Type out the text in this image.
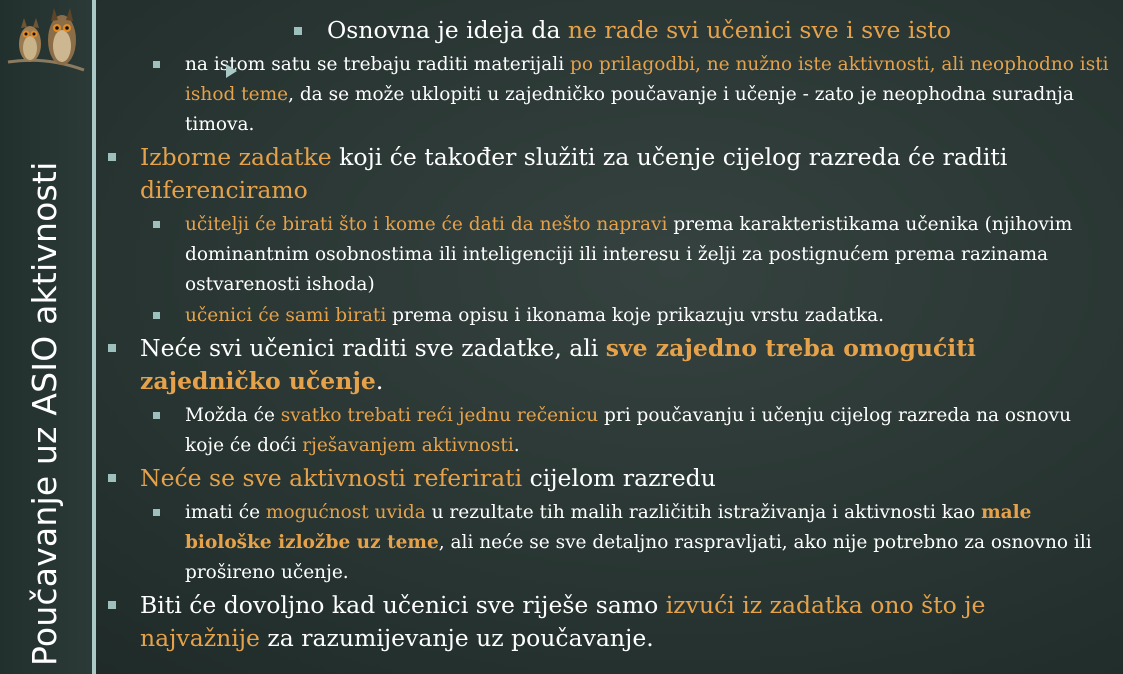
Poučavanje uz ASIO aktivnosti
Osnovna je ideja da ne rade svi učenici sve i sve isto
na istom satu se trebaju raditi materijali po prilagodbi, ne nužno iste aktivnosti, ali neophodno isti ishod teme, da se može uklopiti u zajedničko poučavanje i učenje - zato je neophodna suradnja timova.
Izborne zadatke koji će također služiti za učenje cijelog razreda će raditi diferenciramo
učitelji će birati što i kome će dati da nešto napravi prema karakteristikama učenika (njihovim dominantnim osobnostima ili inteligenciji ili interesu i želji za postignućem prema razinama ostvarenosti ishoda)
učenici će sami birati prema opisu i ikonama koje prikazuju vrstu zadatka.
Neće svi učenici raditi sve zadatke, ali sve zajedno treba omogućiti zajedničko učenje.
Možda će svatko trebati reći jednu rečenicu pri poučavanju i učenju cijelog razreda na osnovu koje će doći rješavanjem aktivnosti.
Neće se sve aktivnosti referirati cijelom razredu
imati će mogućnost uvida u rezultate tih malih različitih istraživanja i aktivnosti kao male biološke izložbe uz teme, ali neće se sve detaljno raspravljati, ako nije potrebno za osnovno ili prošireno učenje.
Biti će dovoljno kad učenici sve riješe samo izvući iz zadatka ono što je najvažnije za razumijevanje uz poučavanje.
